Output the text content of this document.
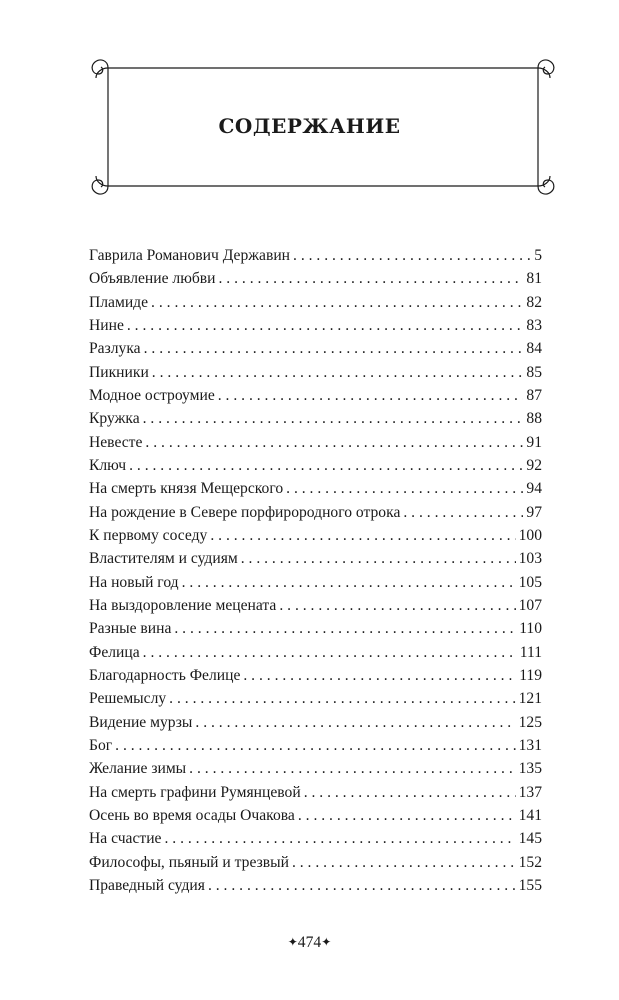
СОДЕРЖАНИЕ
Гаврила Романович Державин . . .	5
Объявление любви . . .	81
Пламиде . . .	82
Нине . . .	83
Разлука . . .	84
Пикники . . .	85
Модное остроумие . . .	87
Кружка . . .	88
Невесте . . .	91
Ключ . . .	92
На смерть князя Мещерского . . .	94
На рождение в Севере порфирородного отрока . . .	97
К первому соседу . . .	100
Властителям и судиям . . .	103
На новый год . . .	105
На выздоровление мецената . . .	107
Разные вина . . .	110
Фелица . . .	111
Благодарность Фелице . . .	119
Решемыслу . . .	121
Видение мурзы . . .	125
Бог . . .	131
Желание зимы . . .	135
На смерть графини Румянцевой . . .	137
Осень во время осады Очакова . . .	141
На счастие . . .	145
Философы, пьяный и трезвый . . .	152
Праведный судия . . .	155
✦474✦
